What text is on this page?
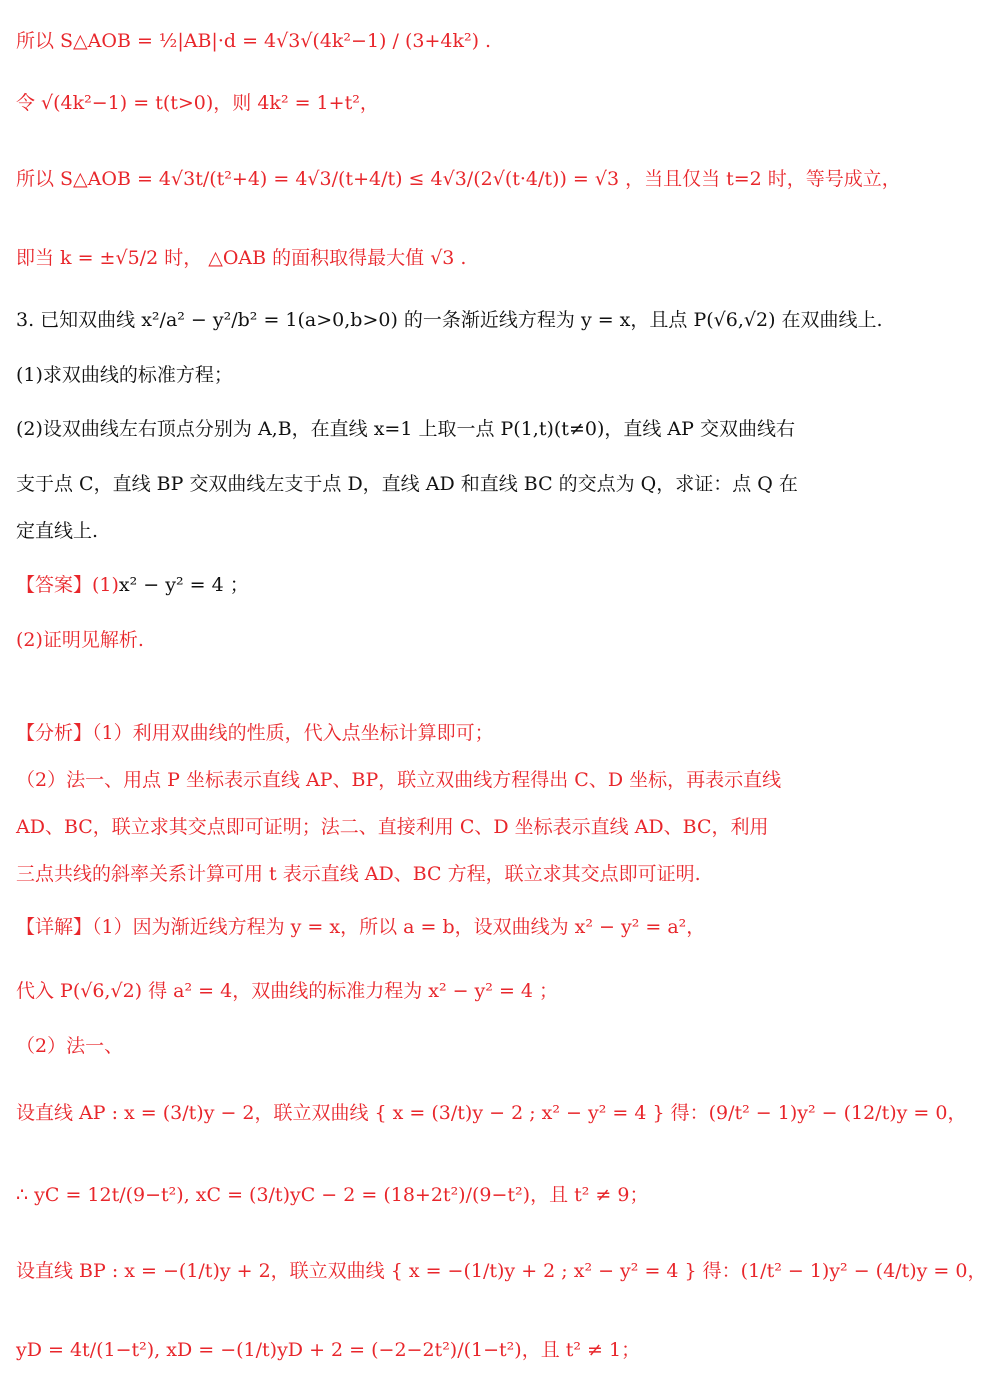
所以 S△AOB = ½|AB|·d = 4√3√(4k²−1) / (3+4k²) .
令 √(4k²−1) = t(t>0)，则 4k² = 1+t²，
所以 S△AOB = 4√3t/(t²+4) = 4√3/(t+4/t) ≤ 4√3/(2√(t·4/t)) = √3 ，当且仅当 t=2 时，等号成立，
即当 k = ±√5/2 时， △OAB 的面积取得最大值 √3 .
3. 已知双曲线 x²/a² − y²/b² = 1(a>0,b>0) 的一条渐近线方程为 y = x，且点 P(√6,√2) 在双曲线上.
(1)求双曲线的标准方程；
(2)设双曲线左右顶点分别为 A,B，在直线 x=1 上取一点 P(1,t)(t≠0)，直线 AP 交双曲线右
支于点 C，直线 BP 交双曲线左支于点 D，直线 AD 和直线 BC 的交点为 Q，求证：点 Q 在
定直线上.
【答案】(1) x² − y² = 4 ；
(2)证明见解析.
【分析】（1）利用双曲线的性质，代入点坐标计算即可；
（2）法一、用点 P 坐标表示直线 AP、BP，联立双曲线方程得出 C、D 坐标，再表示直线
AD、BC，联立求其交点即可证明；法二、直接利用 C、D 坐标表示直线 AD、BC，利用
三点共线的斜率关系计算可用 t 表示直线 AD、BC 方程，联立求其交点即可证明.
【详解】（1）因为渐近线方程为 y = x，所以 a = b，设双曲线为 x² − y² = a²，
代入 P(√6,√2) 得 a² = 4，双曲线的标准力程为 x² − y² = 4 ；
（2）法一、
设直线 AP : x = (3/t)y − 2，联立双曲线 { x = (3/t)y − 2 ; x² − y² = 4 } 得：(9/t² − 1)y² − (12/t)y = 0，
∴ yC = 12t/(9−t²), xC = (3/t)yC − 2 = (18+2t²)/(9−t²)，且 t² ≠ 9；
设直线 BP : x = −(1/t)y + 2，联立双曲线 { x = −(1/t)y + 2 ; x² − y² = 4 } 得：(1/t² − 1)y² − (4/t)y = 0，
yD = 4t/(1−t²), xD = −(1/t)yD + 2 = (−2−2t²)/(1−t²)，且 t² ≠ 1；
